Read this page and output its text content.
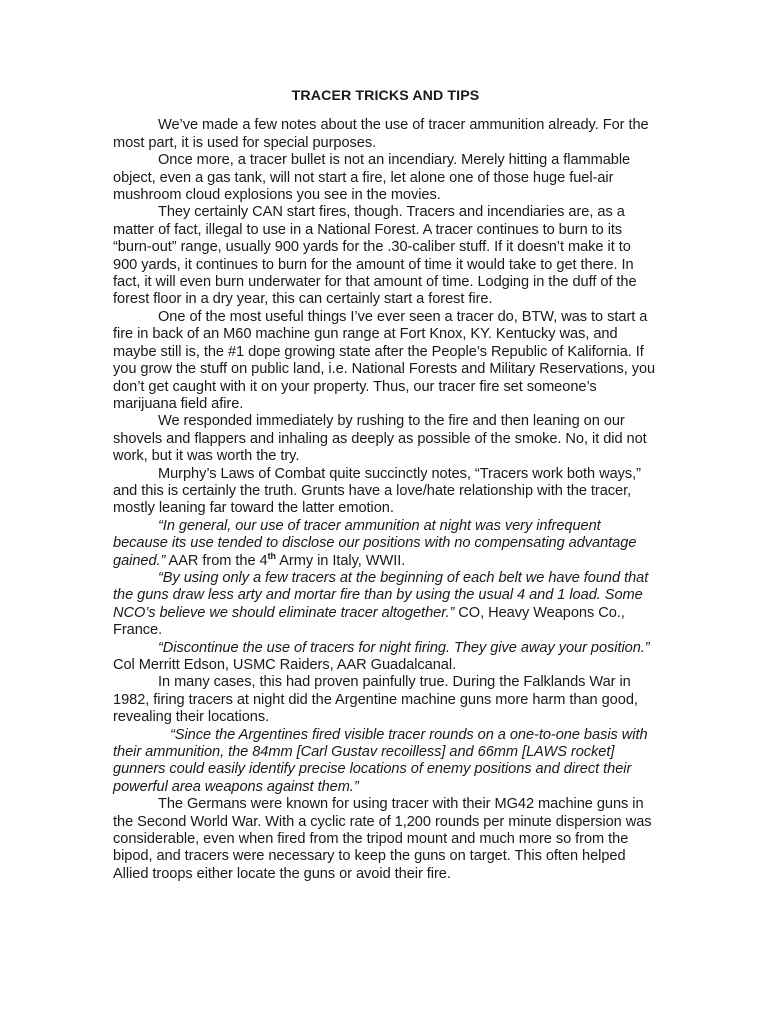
TRACER TRICKS AND TIPS

We’ve made a few notes about the use of tracer ammunition already. For the most part, it is used for special purposes.

Once more, a tracer bullet is not an incendiary. Merely hitting a flammable object, even a gas tank, will not start a fire, let alone one of those huge fuel-air mushroom cloud explosions you see in the movies.

They certainly CAN start fires, though. Tracers and incendiaries are, as a matter of fact, illegal to use in a National Forest. A tracer continues to burn to its “burn-out” range, usually 900 yards for the .30-caliber stuff. If it doesn’t make it to 900 yards, it continues to burn for the amount of time it would take to get there. In fact, it will even burn underwater for that amount of time. Lodging in the duff of the forest floor in a dry year, this can certainly start a forest fire.

One of the most useful things I’ve ever seen a tracer do, BTW, was to start a fire in back of an M60 machine gun range at Fort Knox, KY. Kentucky was, and maybe still is, the #1 dope growing state after the People’s Republic of Kalifornia. If you grow the stuff on public land, i.e. National Forests and Military Reservations, you don’t get caught with it on your property. Thus, our tracer fire set someone’s marijuana field afire.

We responded immediately by rushing to the fire and then leaning on our shovels and flappers and inhaling as deeply as possible of the smoke. No, it did not work, but it was worth the try.

Murphy’s Laws of Combat quite succinctly notes, “Tracers work both ways,” and this is certainly the truth. Grunts have a love/hate relationship with the tracer, mostly leaning far toward the latter emotion.

“In general, our use of tracer ammunition at night was very infrequent because its use tended to disclose our positions with no compensating advantage gained.” AAR from the 4th Army in Italy, WWII.

“By using only a few tracers at the beginning of each belt we have found that the guns draw less arty and mortar fire than by using the usual 4 and 1 load. Some NCO’s believe we should eliminate tracer altogether.” CO, Heavy Weapons Co., France.

“Discontinue the use of tracers for night firing. They give away your position.” Col Merritt Edson, USMC Raiders, AAR Guadalcanal.

In many cases, this had proven painfully true. During the Falklands War in 1982, firing tracers at night did the Argentine machine guns more harm than good, revealing their locations.

“Since the Argentines fired visible tracer rounds on a one-to-one basis with their ammunition, the 84mm [Carl Gustav recoilless] and 66mm [LAWS rocket] gunners could easily identify precise locations of enemy positions and direct their powerful area weapons against them.”

The Germans were known for using tracer with their MG42 machine guns in the Second World War. With a cyclic rate of 1,200 rounds per minute dispersion was considerable, even when fired from the tripod mount and much more so from the bipod, and tracers were necessary to keep the guns on target. This often helped Allied troops either locate the guns or avoid their fire.
